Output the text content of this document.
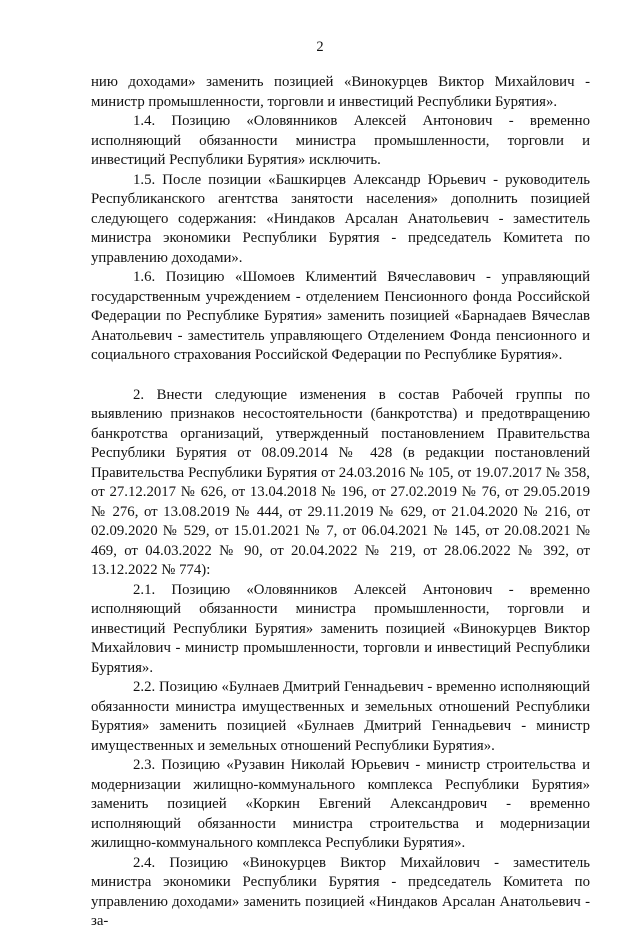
2

нию доходами» заменить позицией «Винокурцев Виктор Михайлович - министр промышленности, торговли и инвестиций Республики Бурятия».

1.4. Позицию «Оловянников Алексей Антонович - временно исполняющий обязанности министра промышленности, торговли и инвестиций Республики Бурятия» исключить.

1.5. После позиции «Башкирцев Александр Юрьевич - руководитель Республиканского агентства занятости населения» дополнить позицией следующего содержания: «Ниндаков Арсалан Анатольевич - заместитель министра экономики Республики Бурятия - председатель Комитета по управлению доходами».

1.6. Позицию «Шомоев Климентий Вячеславович - управляющий государственным учреждением - отделением Пенсионного фонда Российской Федерации по Республике Бурятия» заменить позицией «Барнадаев Вячеслав Анатольевич - заместитель управляющего Отделением Фонда пенсионного и социального страхования Российской Федерации по Республике Бурятия».

2. Внести следующие изменения в состав Рабочей группы по выявлению признаков несостоятельности (банкротства) и предотвращению банкротства организаций, утвержденный постановлением Правительства Республики Бурятия от 08.09.2014 № 428 (в редакции постановлений Правительства Республики Бурятия от 24.03.2016 № 105, от 19.07.2017 № 358, от 27.12.2017 № 626, от 13.04.2018 № 196, от 27.02.2019 № 76, от 29.05.2019 № 276, от 13.08.2019 № 444, от 29.11.2019 № 629, от 21.04.2020 № 216, от 02.09.2020 № 529, от 15.01.2021 № 7, от 06.04.2021 № 145, от 20.08.2021 № 469, от 04.03.2022 № 90, от 20.04.2022 № 219, от 28.06.2022 № 392, от 13.12.2022 № 774):

2.1. Позицию «Оловянников Алексей Антонович - временно исполняющий обязанности министра промышленности, торговли и инвестиций Республики Бурятия» заменить позицией «Винокурцев Виктор Михайлович - министр промышленности, торговли и инвестиций Республики Бурятия».

2.2. Позицию «Булнаев Дмитрий Геннадьевич - временно исполняющий обязанности министра имущественных и земельных отношений Республики Бурятия» заменить позицией «Булнаев Дмитрий Геннадьевич - министр имущественных и земельных отношений Республики Бурятия».

2.3. Позицию «Рузавин Николай Юрьевич - министр строительства и модернизации жилищно-коммунального комплекса Республики Бурятия» заменить позицией «Коркин Евгений Александрович - временно исполняющий обязанности министра строительства и модернизации жилищно-коммунального комплекса Республики Бурятия».

2.4. Позицию «Винокурцев Виктор Михайлович - заместитель министра экономики Республики Бурятия - председатель Комитета по управлению доходами» заменить позицией «Ниндаков Арсалан Анатольевич - за-
